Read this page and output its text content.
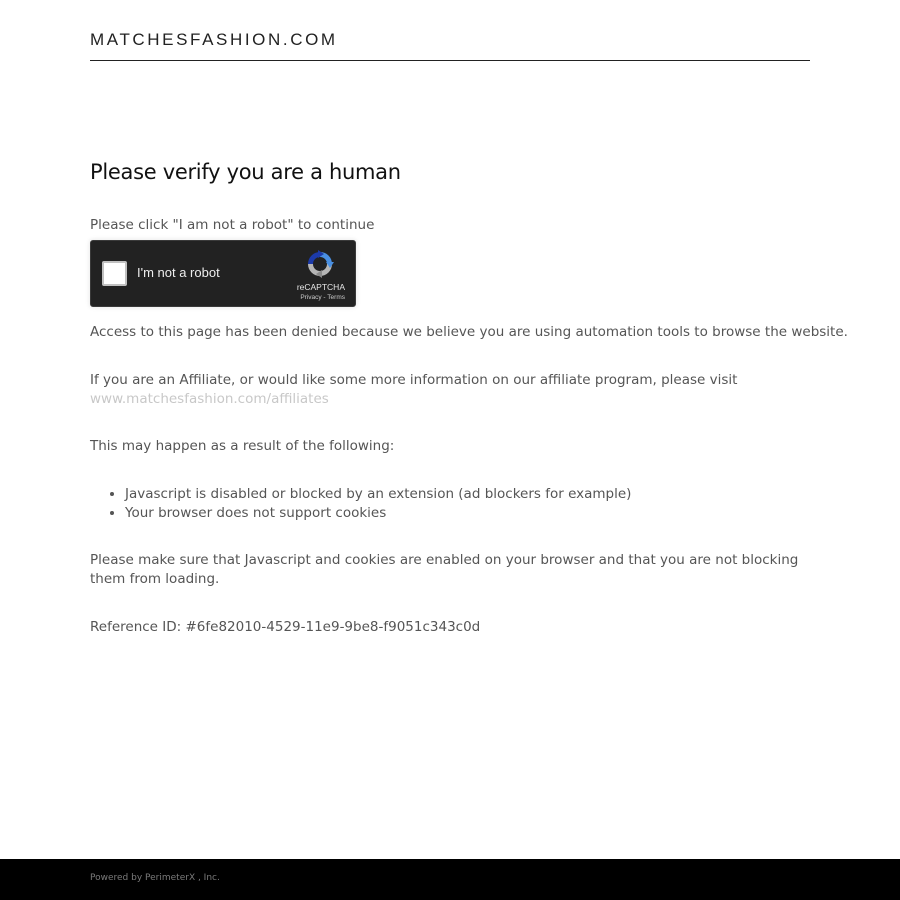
MATCHESFASHION.COM
Please verify you are a human

Please click "I am not a robot" to continue

I'm not a robot
reCAPTCHA
Privacy - Terms

Access to this page has been denied because we believe you are using automation tools to browse the website.

If you are an Affiliate, or would like some more information on our affiliate program, please visit
www.matchesfashion.com/affiliates

This may happen as a result of the following:

• Javascript is disabled or blocked by an extension (ad blockers for example)
• Your browser does not support cookies

Please make sure that Javascript and cookies are enabled on your browser and that you are not blocking them from loading.

Reference ID: #6fe82010-4529-11e9-9be8-f9051c343c0d

Powered by PerimeterX , Inc.
